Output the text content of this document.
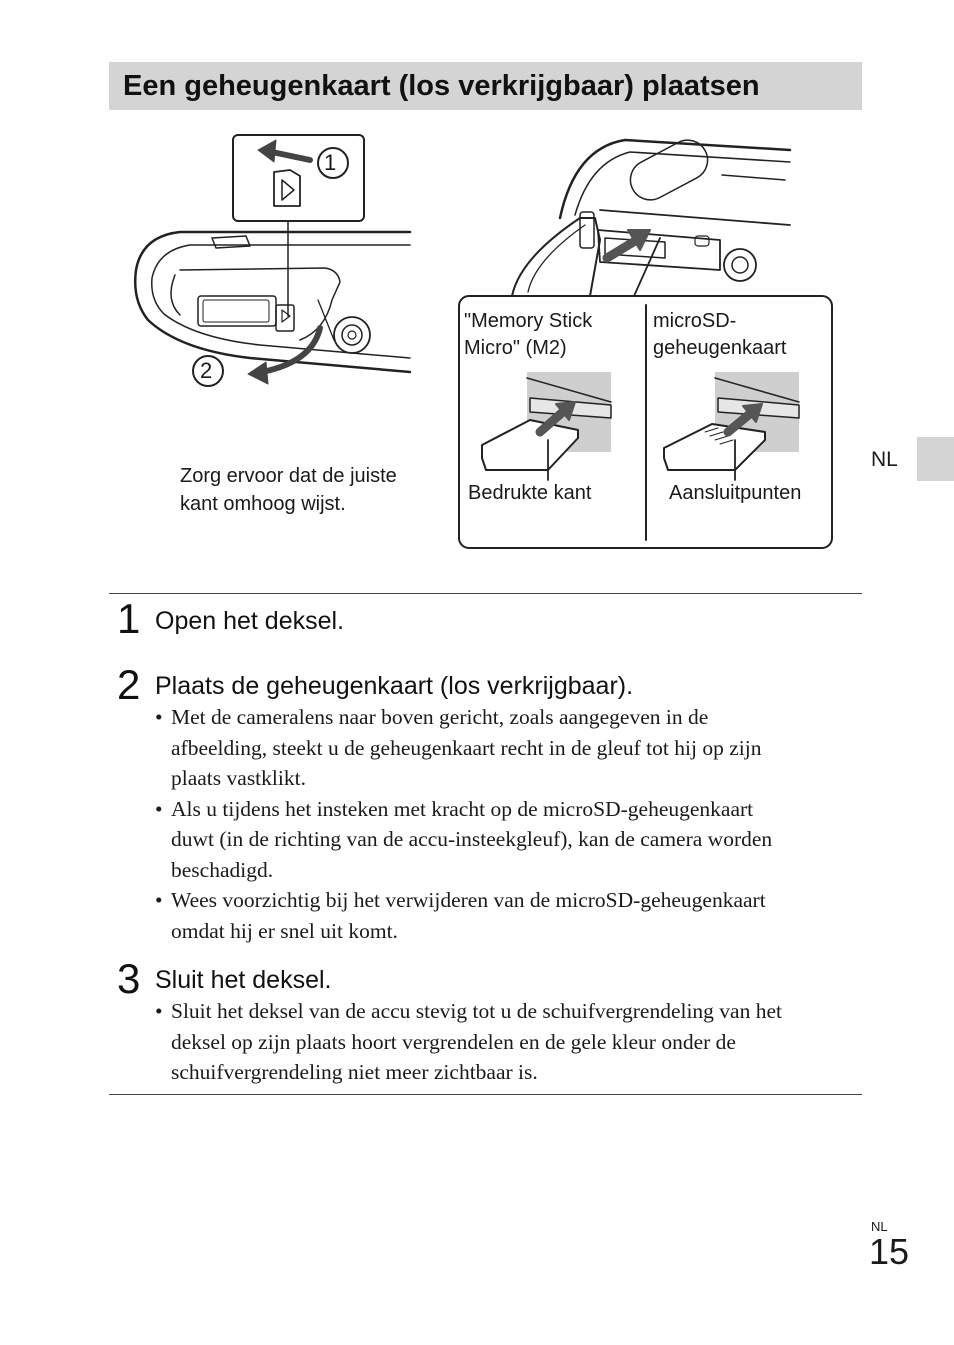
Een geheugenkaart (los verkrijgbaar) plaatsen
1
2
Zorg ervoor dat de juiste
kant omhoog wijst.
"Memory Stick
Micro" (M2)
microSD-
geheugenkaart
Bedrukte kant	Aansluitpunten
NL
1 Open het deksel.
2 Plaats de geheugenkaart (los verkrijgbaar).
• Met de cameralens naar boven gericht, zoals aangegeven in de
afbeelding, steekt u de geheugenkaart recht in de gleuf tot hij op zijn
plaats vastklikt.
• Als u tijdens het insteken met kracht op de microSD-geheugenkaart
duwt (in de richting van de accu-insteekgleuf), kan de camera worden
beschadigd.
• Wees voorzichtig bij het verwijderen van de microSD-geheugenkaart
omdat hij er snel uit komt.
3 Sluit het deksel.
• Sluit het deksel van de accu stevig tot u de schuifvergrendeling van het
deksel op zijn plaats hoort vergrendelen en de gele kleur onder de
schuifvergrendeling niet meer zichtbaar is.
NL
15
